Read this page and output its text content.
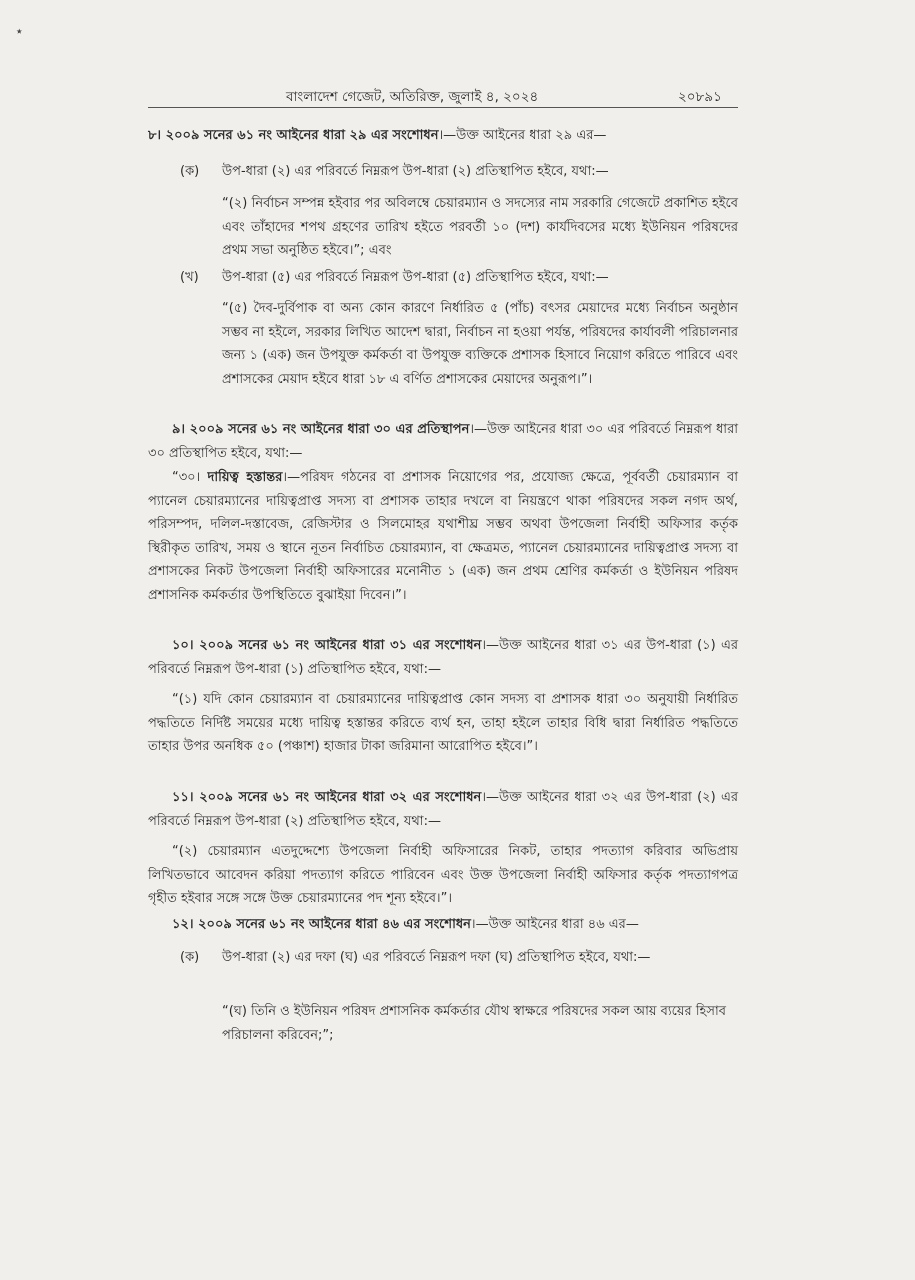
٭
বাংলাদেশ গেজেট, অতিরিক্ত, জুলাই ৪, ২০২৪	২০৮৯১
৮। ২০০৯ সনের ৬১ নং আইনের ধারা ২৯ এর সংশোধন।—উক্ত আইনের ধারা ২৯ এর—
(ক) উপ-ধারা (২) এর পরিবর্তে নিম্নরূপ উপ-ধারা (২) প্রতিস্থাপিত হইবে, যথা:—
“(২) নির্বাচন সম্পন্ন হইবার পর অবিলম্বে চেয়ারম্যান ও সদস্যের নাম সরকারি গেজেটে প্রকাশিত হইবে এবং তাঁহাদের শপথ গ্রহণের তারিখ হইতে পরবর্তী ১০ (দশ) কার্যদিবসের মধ্যে ইউনিয়ন পরিষদের প্রথম সভা অনুষ্ঠিত হইবে।”; এবং
(খ) উপ-ধারা (৫) এর পরিবর্তে নিম্নরূপ উপ-ধারা (৫) প্রতিস্থাপিত হইবে, যথা:—
“(৫) দৈব-দুর্বিপাক বা অন্য কোন কারণে নির্ধারিত ৫ (পাঁচ) বৎসর মেয়াদের মধ্যে নির্বাচন অনুষ্ঠান সম্ভব না হইলে, সরকার লিখিত আদেশ দ্বারা, নির্বাচন না হওয়া পর্যন্ত, পরিষদের কার্যাবলী পরিচালনার জন্য ১ (এক) জন উপযুক্ত কর্মকর্তা বা উপযুক্ত ব্যক্তিকে প্রশাসক হিসাবে নিয়োগ করিতে পারিবে এবং প্রশাসকের মেয়াদ হইবে ধারা ১৮ এ বর্ণিত প্রশাসকের মেয়াদের অনুরূপ।”।
৯। ২০০৯ সনের ৬১ নং আইনের ধারা ৩০ এর প্রতিস্থাপন।—উক্ত আইনের ধারা ৩০ এর পরিবর্তে নিম্নরূপ ধারা ৩০ প্রতিস্থাপিত হইবে, যথা:—
“৩০। দায়িত্ব হস্তান্তর।—পরিষদ গঠনের বা প্রশাসক নিয়োগের পর, প্রযোজ্য ক্ষেত্রে, পূর্ববর্তী চেয়ারম্যান বা প্যানেল চেয়ারম্যানের দায়িত্বপ্রাপ্ত সদস্য বা প্রশাসক তাহার দখলে বা নিয়ন্ত্রণে থাকা পরিষদের সকল নগদ অর্থ, পরিসম্পদ, দলিল-দস্তাবেজ, রেজিস্টার ও সিলমোহর যথাশীঘ্র সম্ভব অথবা উপজেলা নির্বাহী অফিসার কর্তৃক স্থিরীকৃত তারিখ, সময় ও স্থানে নূতন নির্বাচিত চেয়ারম্যান, বা ক্ষেত্রমত, প্যানেল চেয়ারম্যানের দায়িত্বপ্রাপ্ত সদস্য বা প্রশাসকের নিকট উপজেলা নির্বাহী অফিসারের মনোনীত ১ (এক) জন প্রথম শ্রেণির কর্মকর্তা ও ইউনিয়ন পরিষদ প্রশাসনিক কর্মকর্তার উপস্থিতিতে বুঝাইয়া দিবেন।”।
১০। ২০০৯ সনের ৬১ নং আইনের ধারা ৩১ এর সংশোধন।—উক্ত আইনের ধারা ৩১ এর উপ-ধারা (১) এর পরিবর্তে নিম্নরূপ উপ-ধারা (১) প্রতিস্থাপিত হইবে, যথা:—
“(১) যদি কোন চেয়ারম্যান বা চেয়ারম্যানের দায়িত্বপ্রাপ্ত কোন সদস্য বা প্রশাসক ধারা ৩০ অনুযায়ী নির্ধারিত পদ্ধতিতে নির্দিষ্ট সময়ের মধ্যে দায়িত্ব হস্তান্তর করিতে ব্যর্থ হন, তাহা হইলে তাহার বিধি দ্বারা নির্ধারিত পদ্ধতিতে তাহার উপর অনধিক ৫০ (পঞ্চাশ) হাজার টাকা জরিমানা আরোপিত হইবে।”।
১১। ২০০৯ সনের ৬১ নং আইনের ধারা ৩২ এর সংশোধন।—উক্ত আইনের ধারা ৩২ এর উপ-ধারা (২) এর পরিবর্তে নিম্নরূপ উপ-ধারা (২) প্রতিস্থাপিত হইবে, যথা:—
“(২) চেয়ারম্যান এতদুদ্দেশ্যে উপজেলা নির্বাহী অফিসারের নিকট, তাহার পদত্যাগ করিবার অভিপ্রায় লিখিতভাবে আবেদন করিয়া পদত্যাগ করিতে পারিবেন এবং উক্ত উপজেলা নির্বাহী অফিসার কর্তৃক পদত্যাগপত্র গৃহীত হইবার সঙ্গে সঙ্গে উক্ত চেয়ারম্যানের পদ শূন্য হইবে।”।
১২। ২০০৯ সনের ৬১ নং আইনের ধারা ৪৬ এর সংশোধন।—উক্ত আইনের ধারা ৪৬ এর—
(ক) উপ-ধারা (২) এর দফা (ঘ) এর পরিবর্তে নিম্নরূপ দফা (ঘ) প্রতিস্থাপিত হইবে, যথা:—
“(ঘ) তিনি ও ইউনিয়ন পরিষদ প্রশাসনিক কর্মকর্তার যৌথ স্বাক্ষরে পরিষদের সকল আয় ব্যয়ের হিসাব পরিচালনা করিবেন;”;
